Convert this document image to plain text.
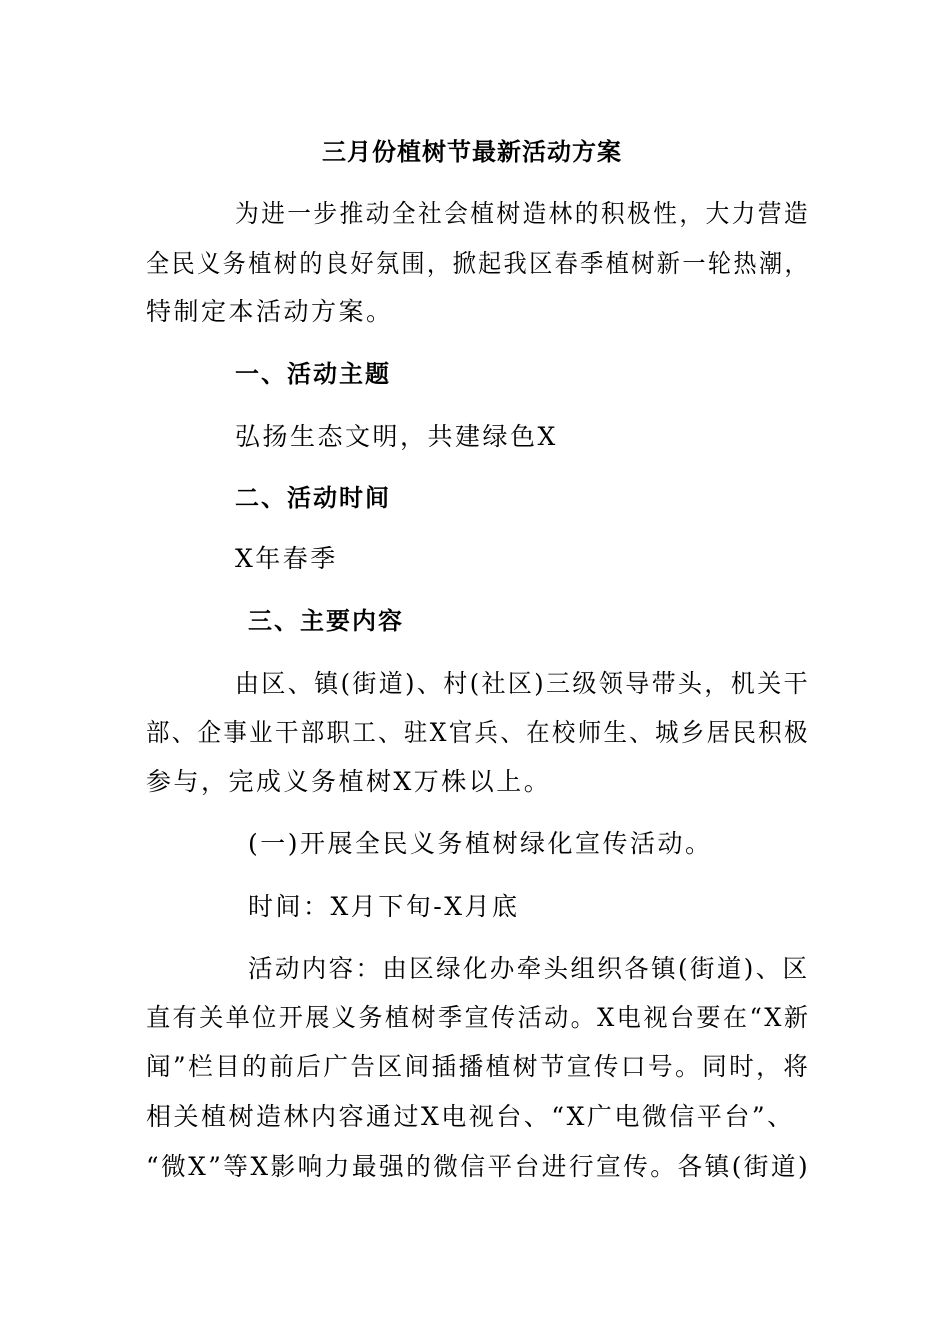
三月份植树节最新活动方案
为进一步推动全社会植树造林的积极性，大力营造
全民义务植树的良好氛围，掀起我区春季植树新一轮热潮，
特制定本活动方案。
一、活动主题
弘扬生态文明，共建绿色X
二、活动时间
X年春季
三、主要内容
由区、镇(街道)、村(社区)三级领导带头，机关干
部、企事业干部职工、驻X官兵、在校师生、城乡居民积极
参与，完成义务植树X万株以上。
(一)开展全民义务植树绿化宣传活动。
时间：X月下旬-X月底
活动内容：由区绿化办牵头组织各镇(街道)、区
直有关单位开展义务植树季宣传活动。X电视台要在“X新
闻”栏目的前后广告区间插播植树节宣传口号。同时，将
相关植树造林内容通过X电视台、“X广电微信平台”、
“微X”等X影响力最强的微信平台进行宣传。各镇(街道)
